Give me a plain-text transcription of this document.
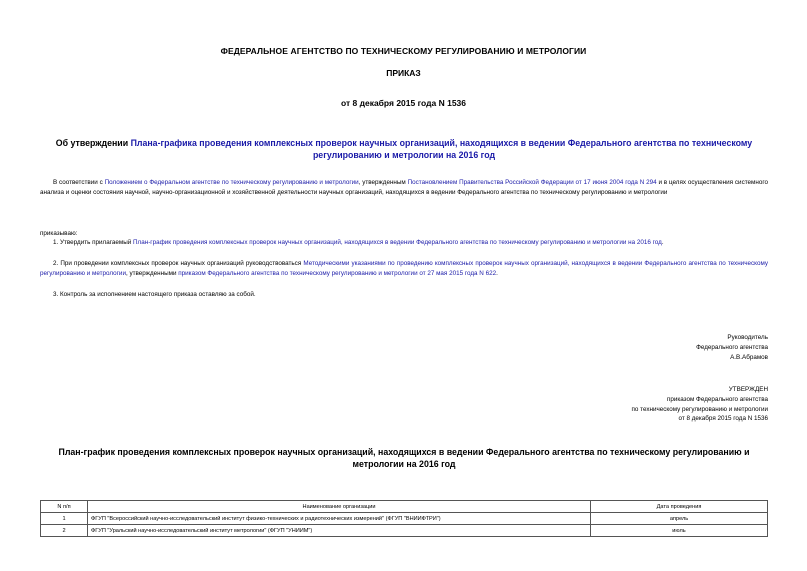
ФЕДЕРАЛЬНОЕ АГЕНТСТВО ПО ТЕХНИЧЕСКОМУ РЕГУЛИРОВАНИЮ И МЕТРОЛОГИИ
ПРИКАЗ
от 8 декабря 2015 года N 1536
Об утверждении Плана-графика проведения комплексных проверок научных организаций, находящихся в ведении Федерального агентства по техническому регулированию и метрологии на 2016 год
В соответствии с Положением о Федеральном агентстве по техническому регулированию и метрологии, утвержденным Постановлением Правительства Российской Федерации от 17 июня 2004 года N 294 и в целях осуществления системного анализа и оценки состояния научной, научно-организационной и хозяйственной деятельности научных организаций, находящихся в ведении Федерального агентства по техническому регулированию и метрологии
приказываю:
1. Утвердить прилагаемый План-график проведения комплексных проверок научных организаций, находящихся в ведении Федерального агентства по техническому регулированию и метрологии на 2016 год.
2. При проведении комплексных проверок научных организаций руководствоваться Методическими указаниями по проведению комплексных проверок научных организаций, находящихся в ведении Федерального агентства по техническому регулированию и метрологии, утвержденными приказом Федерального агентства по техническому регулированию и метрологии от 27 мая 2015 года N 622.
3. Контроль за исполнением настоящего приказа оставляю за собой.
Руководитель
Федерального агентства
А.В.Абрамов
УТВЕРЖДЕН
приказом Федерального агентства
по техническому регулированию и метрологии
от 8 декабря 2015 года N 1536
План-график проведения комплексных проверок научных организаций, находящихся в ведении Федерального агентства по техническому регулированию и метрологии на 2016 год
N п/п	Наименование организации	Дата проведения
1	ФГУП "Всероссийский научно-исследовательский институт физико-технических и радиотехнических измерений" (ФГУП "ВНИИФТРИ")	апрель
2	ФГУП "Уральский научно-исследовательский институт метрологии" (ФГУП "УНИИМ")	июль
